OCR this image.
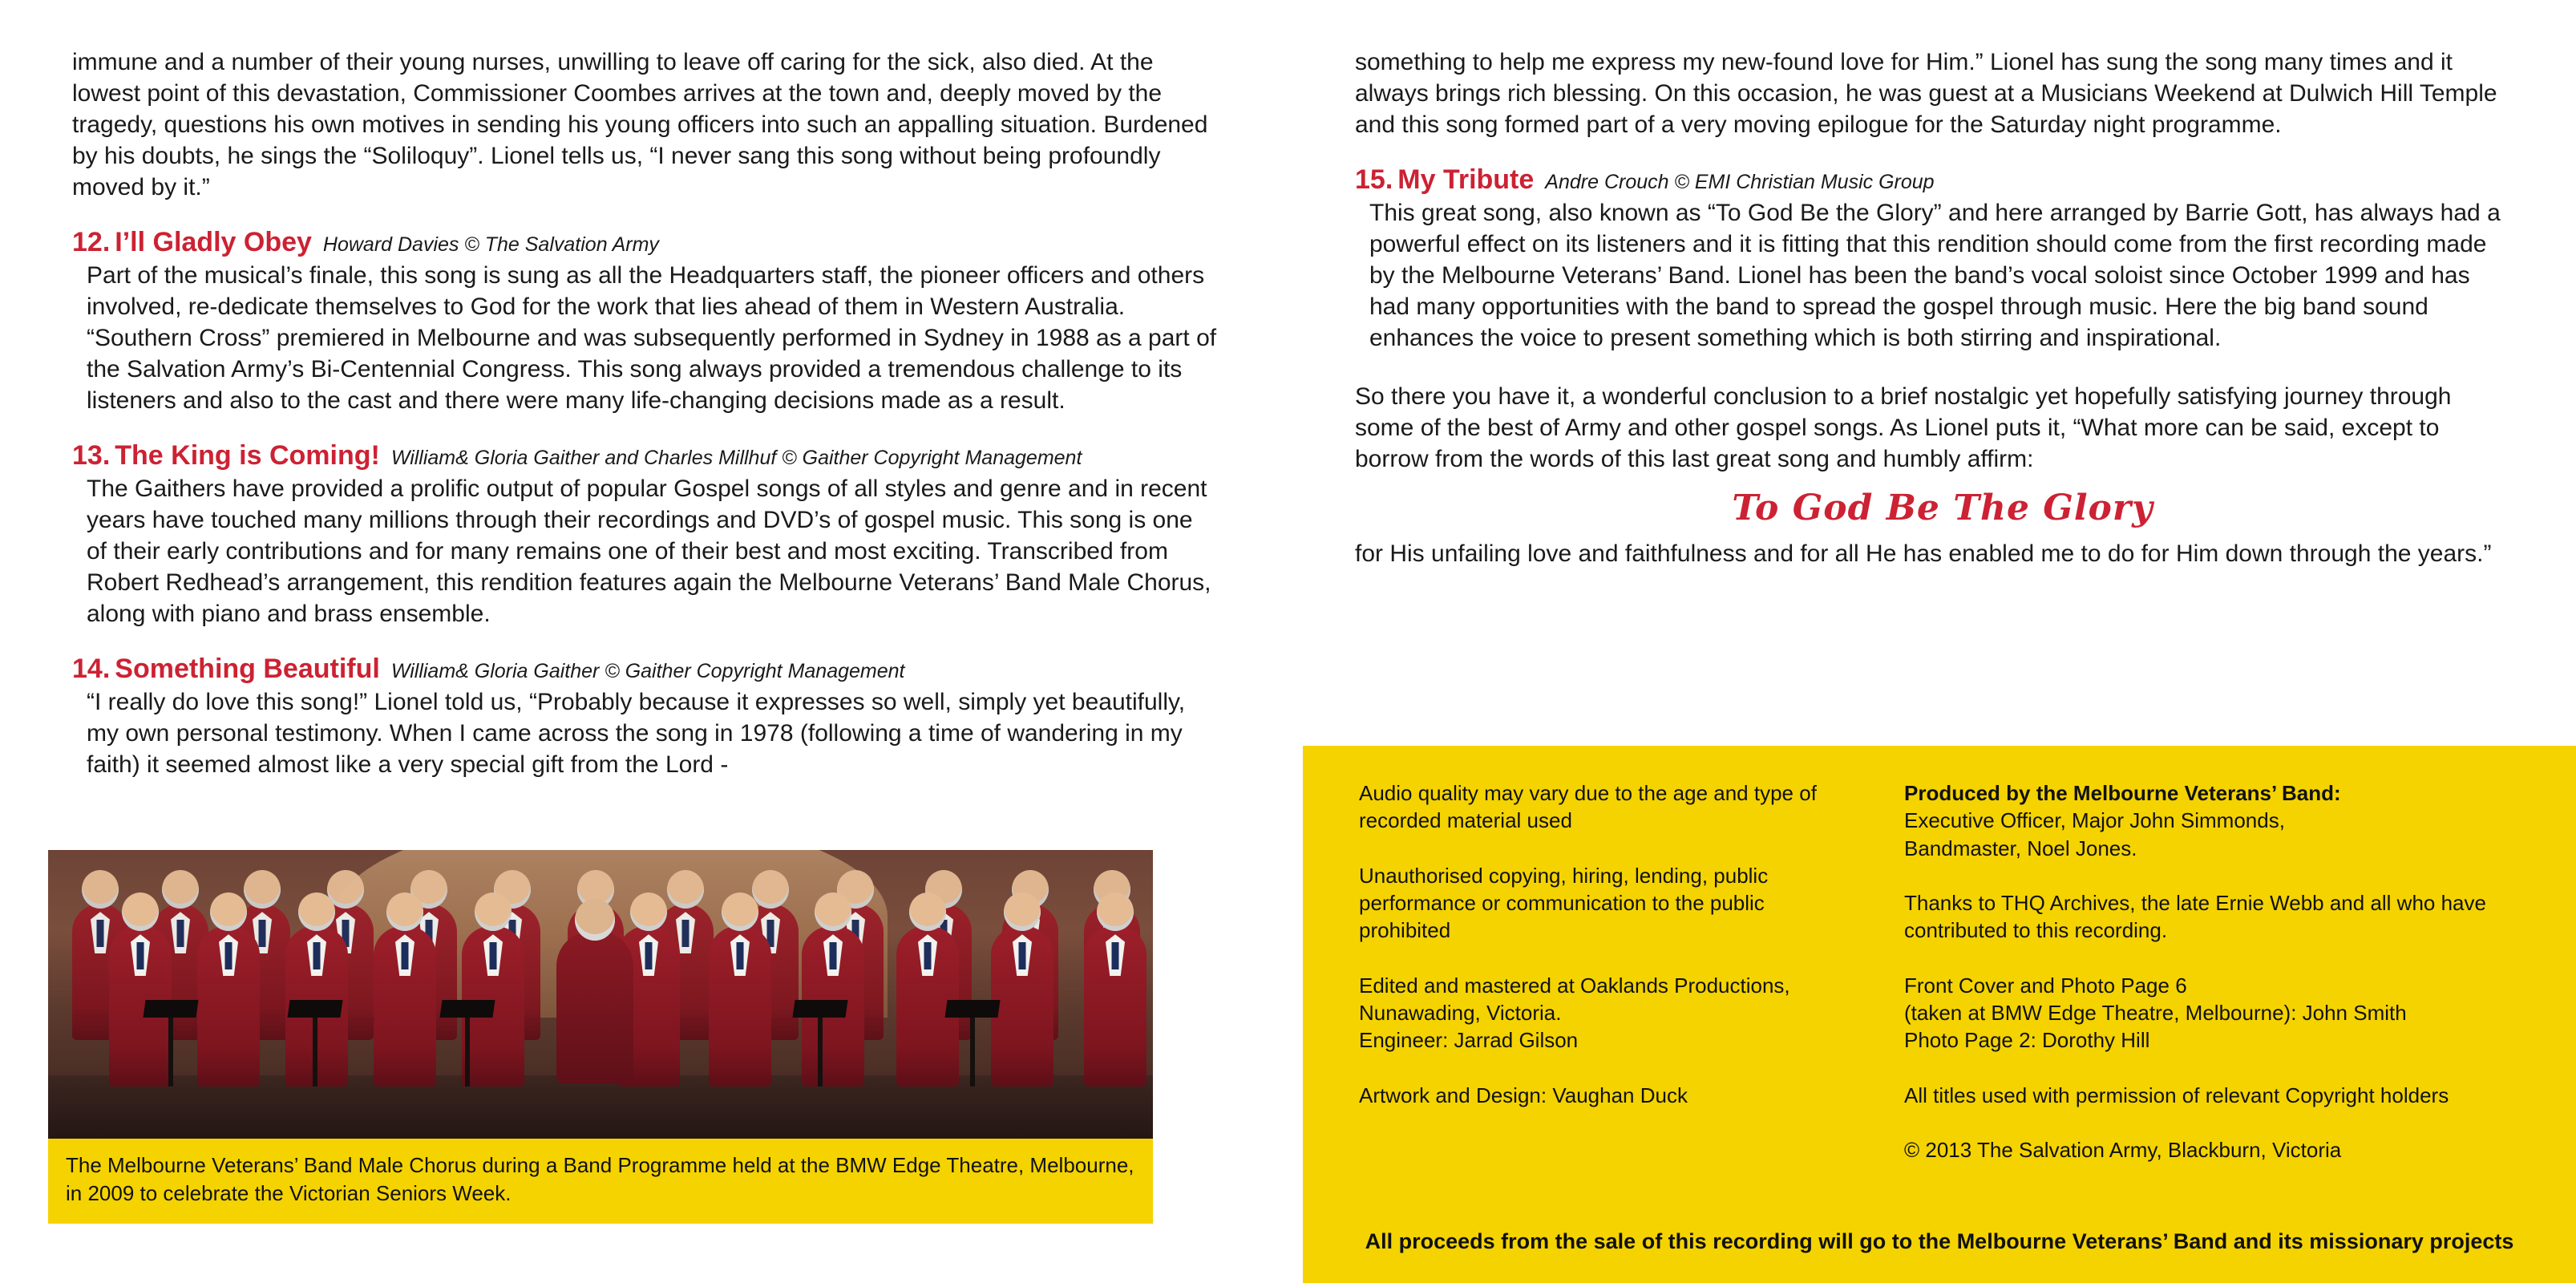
immune and a number of their young nurses, unwilling to leave off caring for the sick, also died. At the lowest point of this devastation, Commissioner Coombes arrives at the town and, deeply moved by the tragedy, questions his own motives in sending his young officers into such an appalling situation. Burdened by his doubts, he sings the “Soliloquy”. Lionel tells us, “I never sang this song without being profoundly moved by it.”

12. I’ll Gladly Obey Howard Davies © The Salvation Army

Part of the musical’s finale, this song is sung as all the Headquarters staff, the pioneer officers and others involved, re-dedicate themselves to God for the work that lies ahead of them in Western Australia. “Southern Cross” premiered in Melbourne and was subsequently performed in Sydney in 1988 as a part of the Salvation Army’s Bi-Centennial Congress. This song always provided a tremendous challenge to its listeners and also to the cast and there were many life-changing decisions made as a result.

13. The King is Coming! William& Gloria Gaither and Charles Millhuf © Gaither Copyright Management

The Gaithers have provided a prolific output of popular Gospel songs of all styles and genre and in recent years have touched many millions through their recordings and DVD’s of gospel music. This song is one of their early contributions and for many remains one of their best and most exciting. Transcribed from Robert Redhead’s arrangement, this rendition features again the Melbourne Veterans’ Band Male Chorus, along with piano and brass ensemble.

14. Something Beautiful William& Gloria Gaither © Gaither Copyright Management

“I really do love this song!” Lionel told us, “Probably because it expresses so well, simply yet beautifully, my own personal testimony. When I came across the song in 1978 (following a time of wandering in my faith) it seemed almost like a very special gift from the Lord -

The Melbourne Veterans’ Band Male Chorus during a Band Programme held at the BMW Edge Theatre, Melbourne, in 2009 to celebrate the Victorian Seniors Week.

something to help me express my new-found love for Him.” Lionel has sung the song many times and it always brings rich blessing. On this occasion, he was guest at a Musicians Weekend at Dulwich Hill Temple and this song formed part of a very moving epilogue for the Saturday night programme.

15. My Tribute Andre Crouch © EMI Christian Music Group

This great song, also known as “To God Be the Glory” and here arranged by Barrie Gott, has always had a powerful effect on its listeners and it is fitting that this rendition should come from the first recording made by the Melbourne Veterans’ Band. Lionel has been the band’s vocal soloist since October 1999 and has had many opportunities with the band to spread the gospel through music. Here the big band sound enhances the voice to present something which is both stirring and inspirational.

So there you have it, a wonderful conclusion to a brief nostalgic yet hopefully satisfying journey through some of the best of Army and other gospel songs. As Lionel puts it, “What more can be said, except to borrow from the words of this last great song and humbly affirm:

To God Be The Glory

for His unfailing love and faithfulness and for all He has enabled me to do for Him down through the years.”

Audio quality may vary due to the age and type of recorded material used

Unauthorised copying, hiring, lending, public performance or communication to the public prohibited

Edited and mastered at Oaklands Productions, Nunawading, Victoria.

Engineer: Jarrad Gilson

Artwork and Design: Vaughan Duck

Produced by the Melbourne Veterans’ Band:

Executive Officer, Major John Simmonds,

Bandmaster, Noel Jones.

Thanks to THQ Archives, the late Ernie Webb and all who have contributed to this recording.

Front Cover and Photo Page 6

(taken at BMW Edge Theatre, Melbourne): John Smith

Photo Page 2: Dorothy Hill

All titles used with permission of relevant Copyright holders

© 2013 The Salvation Army, Blackburn, Victoria

All proceeds from the sale of this recording will go to the Melbourne Veterans’ Band and its missionary projects
